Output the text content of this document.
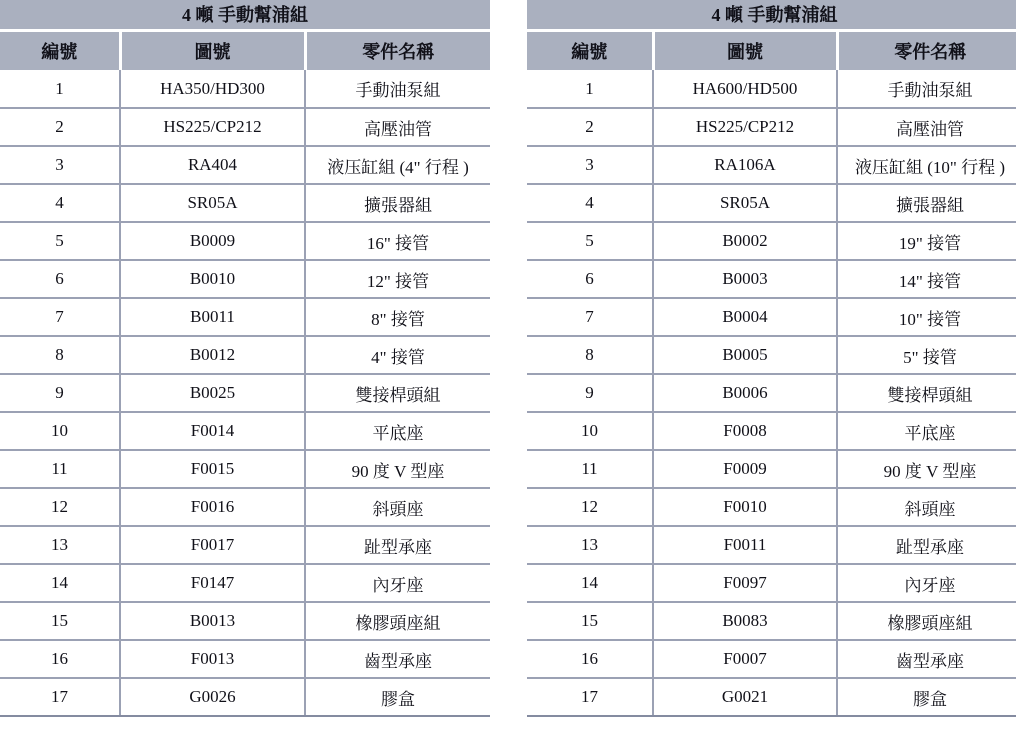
4 噸 手動幫浦組		
編號	圖號	零件名稱
1	HA350/HD300	手動油泵組
2	HS225/CP212	高壓油管
3	RA404	液压缸組 (4" 行程 )
4	SR05A	擴張器組
5	B0009	16" 接管
6	B0010	12" 接管
7	B0011	8" 接管
8	B0012	4" 接管
9	B0025	雙接桿頭組
10	F0014	平底座
11	F0015	90 度 V 型座
12	F0016	斜頭座
13	F0017	趾型承座
14	F0147	內牙座
15	B0013	橡膠頭座組
16	F0013	齒型承座
17	G0026	膠盒
4 噸 手動幫浦組		
編號	圖號	零件名稱
1	HA600/HD500	手動油泵組
2	HS225/CP212	高壓油管
3	RA106A	液压缸組 (10" 行程 )
4	SR05A	擴張器組
5	B0002	19" 接管
6	B0003	14" 接管
7	B0004	10" 接管
8	B0005	5" 接管
9	B0006	雙接桿頭組
10	F0008	平底座
11	F0009	90 度 V 型座
12	F0010	斜頭座
13	F0011	趾型承座
14	F0097	內牙座
15	B0083	橡膠頭座組
16	F0007	齒型承座
17	G0021	膠盒
